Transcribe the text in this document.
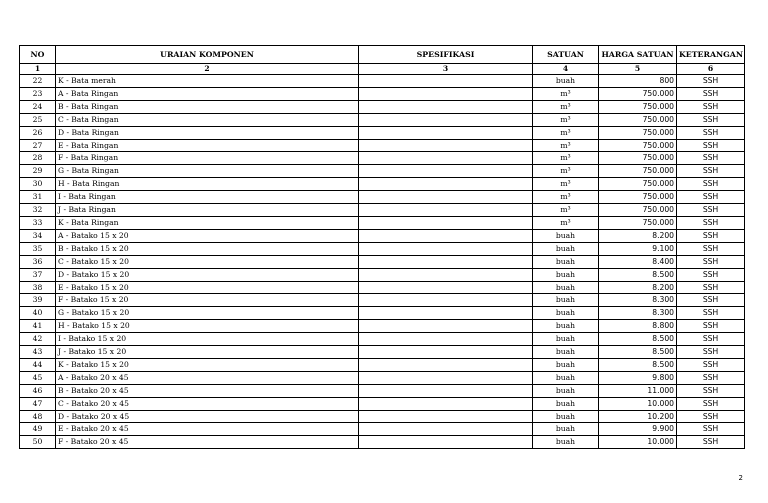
NO	URAIAN KOMPONEN	SPESIFIKASI	SATUAN	HARGA SATUAN	KETERANGAN
1	2	3	4	5	6
22	K - Bata merah		buah	800	SSH
23	A - Bata Ringan		m³	750.000	SSH
24	B - Bata Ringan		m³	750.000	SSH
25	C - Bata Ringan		m³	750.000	SSH
26	D - Bata Ringan		m³	750.000	SSH
27	E - Bata Ringan		m³	750.000	SSH
28	F - Bata Ringan		m³	750.000	SSH
29	G - Bata Ringan		m³	750.000	SSH
30	H - Bata Ringan		m³	750.000	SSH
31	I - Bata Ringan		m³	750.000	SSH
32	J - Bata Ringan		m³	750.000	SSH
33	K - Bata Ringan		m³	750.000	SSH
34	A - Batako 15 x 20		buah	8.200	SSH
35	B - Batako 15 x 20		buah	9.100	SSH
36	C - Batako 15 x 20		buah	8.400	SSH
37	D - Batako 15 x 20		buah	8.500	SSH
38	E - Batako 15 x 20		buah	8.200	SSH
39	F - Batako 15 x 20		buah	8.300	SSH
40	G - Batako 15 x 20		buah	8.300	SSH
41	H - Batako 15 x 20		buah	8.800	SSH
42	I - Batako 15 x 20		buah	8.500	SSH
43	J - Batako 15 x 20		buah	8.500	SSH
44	K - Batako 15 x 20		buah	8.500	SSH
45	A - Batako 20 x 45		buah	9.800	SSH
46	B - Batako 20 x 45		buah	11.000	SSH
47	C - Batako 20 x 45		buah	10.000	SSH
48	D - Batako 20 x 45		buah	10.200	SSH
49	E - Batako 20 x 45		buah	9.900	SSH
50	F - Batako 20 x 45		buah	10.000	SSH
2
